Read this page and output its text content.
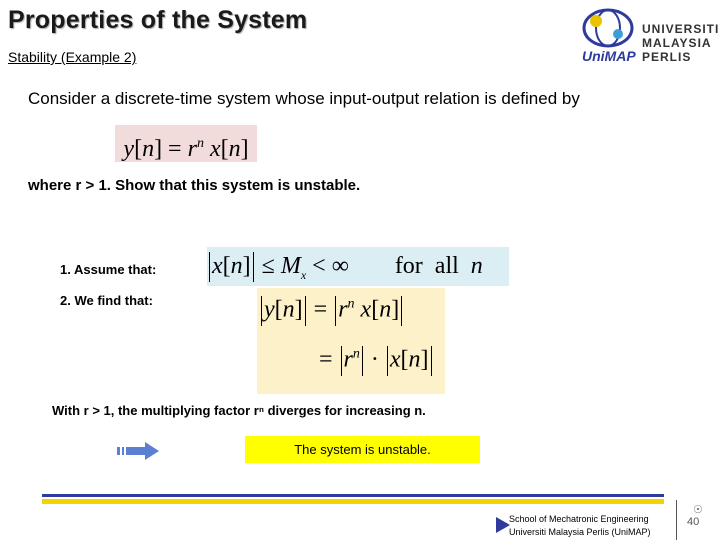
Properties of the System
Stability (Example 2)	UniMAP
UNIVERSITI
MALAYSIA
PERLIS
Consider a discrete-time system whose input-output relation is defined by
$y[n] = r^n$ x[n]
where r > 1. Show that this system is unstable.
1. Assume that: $x[n] \le M_x$ < ∞ for  all  n
2. We find that:	$y[n] = r^n$ x[n]
= $r^n \cdot x[n]$
With r > 1, the multiplying factor rⁿ diverges for increasing n.
The system is unstable.
School of Mechatronic Engineering
Universiti Malaysia Perlis (UniMAP)
☉
40
